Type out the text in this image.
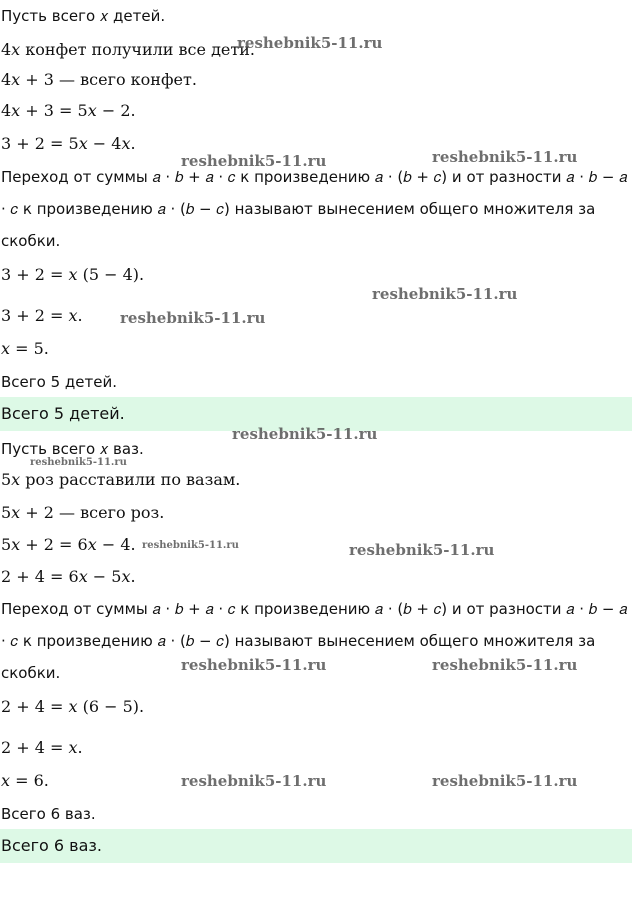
Пусть всего 𝑥 детей.
4𝑥 конфет получили все дети.
4𝑥 + 3 — всего конфет.
4𝑥 + 3 = 5𝑥 − 2.
3 + 2 = 5𝑥 − 4𝑥.
Переход от суммы 𝑎 · 𝑏 + 𝑎 · 𝑐 к произведению 𝑎 · (𝑏 + 𝑐) и от разности 𝑎 · 𝑏 − 𝑎 · 𝑐 к произведению 𝑎 · (𝑏 − 𝑐) называют вынесением общего множителя за скобки.
3 + 2 = 𝑥 (5 − 4).
3 + 2 = 𝑥.
𝑥 = 5.
Всего 5 детей.
Всего 5 детей.
Пусть всего 𝑥 ваз.
5𝑥 роз расставили по вазам.
5𝑥 + 2 — всего роз.
5𝑥 + 2 = 6𝑥 − 4.
2 + 4 = 6𝑥 − 5𝑥.
Переход от суммы 𝑎 · 𝑏 + 𝑎 · 𝑐 к произведению 𝑎 · (𝑏 + 𝑐) и от разности 𝑎 · 𝑏 − 𝑎 · 𝑐 к произведению 𝑎 · (𝑏 − 𝑐) называют вынесением общего множителя за скобки.
2 + 4 = 𝑥 (6 − 5).
2 + 4 = 𝑥.
𝑥 = 6.
Всего 6 ваз.
Всего 6 ваз.
reshebnik5-11.ru
reshebnik5-11.ru	reshebnik5-11.ru
reshebnik5-11.ru
reshebnik5-11.ru
reshebnik5-11.ru
reshebnik5-11.ru
reshebnik5-11.ru	reshebnik5-11.ru
reshebnik5-11.ru	reshebnik5-11.ru
reshebnik5-11.ru	reshebnik5-11.ru
